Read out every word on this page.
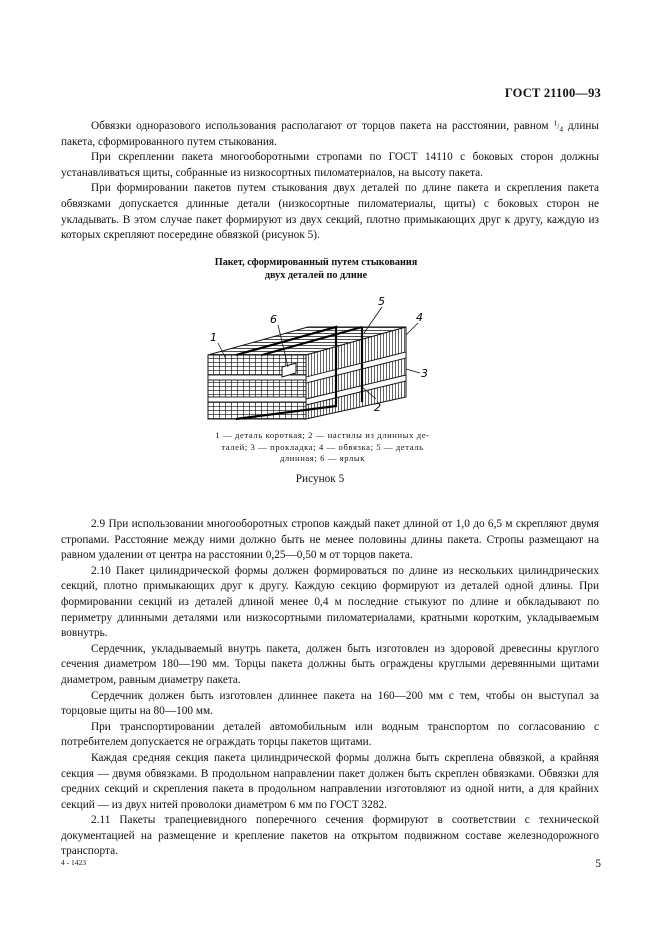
ГОСТ 21100—93

Обвязки одноразового использования располагают от торцов пакета на расстоянии, равном $^1/_4$ длины пакета, сформированного путем стыкования.

При скреплении пакета многооборотными стропами по ГОСТ 14110 с боковых сторон должны устанавливаться щиты, собранные из низкосортных пиломатериалов, на высоту пакета.

При формировании пакетов путем стыкования двух деталей по длине пакета и скрепления пакета обвязками допускается длинные детали (низкосортные пиломатериалы, щиты) с боковых сторон не укладывать. В этом случае пакет формируют из двух секций, плотно примыкающих друг к другу, каждую из которых скрепляют посередине обвязкой (рисунок 5).

Пакет, сформированный путем стыкования
двух деталей по длине
1
6
5
4
3
2
1 — деталь короткая; 2 — настилы из длинных де-
талей; 3 — прокладка; 4 — обвязка; 5 — деталь
длинная; 6 — ярлык
Рисунок 5

2.9 При использовании многооборотных стропов каждый пакет длиной от 1,0 до 6,5 м скрепляют двумя стропами. Расстояние между ними должно быть не менее половины длины пакета. Стропы размещают на равном удалении от центра на расстоянии 0,25—0,50 м от торцов пакета.

2.10 Пакет цилиндрической формы должен формироваться по длине из нескольких цилиндрических секций, плотно примыкающих друг к другу. Каждую секцию формируют из деталей одной длины. При формировании секций из деталей длиной менее 0,4 м последние стыкуют по длине и обкладывают по периметру длинными деталями или низкосортными пиломатериалами, кратными коротким, укладываемым вовнутрь.

Сердечник, укладываемый внутрь пакета, должен быть изготовлен из здоровой древесины круглого сечения диаметром 180—190 мм. Торцы пакета должны быть ограждены круглыми деревянными щитами диаметром, равным диаметру пакета.

Сердечник должен быть изготовлен длиннее пакета на 160—200 мм с тем, чтобы он выступал за торцовые щиты на 80—100 мм.

При транспортировании деталей автомобильным или водным транспортом по согласованию с потребителем допускается не ограждать торцы пакетов щитами.

Каждая средняя секция пакета цилиндрической формы должна быть скреплена обвязкой, а крайняя секция — двумя обвязками. В продольном направлении пакет должен быть скреплен обвязками. Обвязки для средних секций и скрепления пакета в продольном направлении изготовляют из одной нити, а для крайних секций — из двух нитей проволоки диаметром 6 мм по ГОСТ 3282.

2.11 Пакеты трапециевидного поперечного сечения формируют в соответствии с технической документацией на размещение и крепление пакетов на открытом подвижном составе железнодорожного транспорта.

4 - 1423	5
